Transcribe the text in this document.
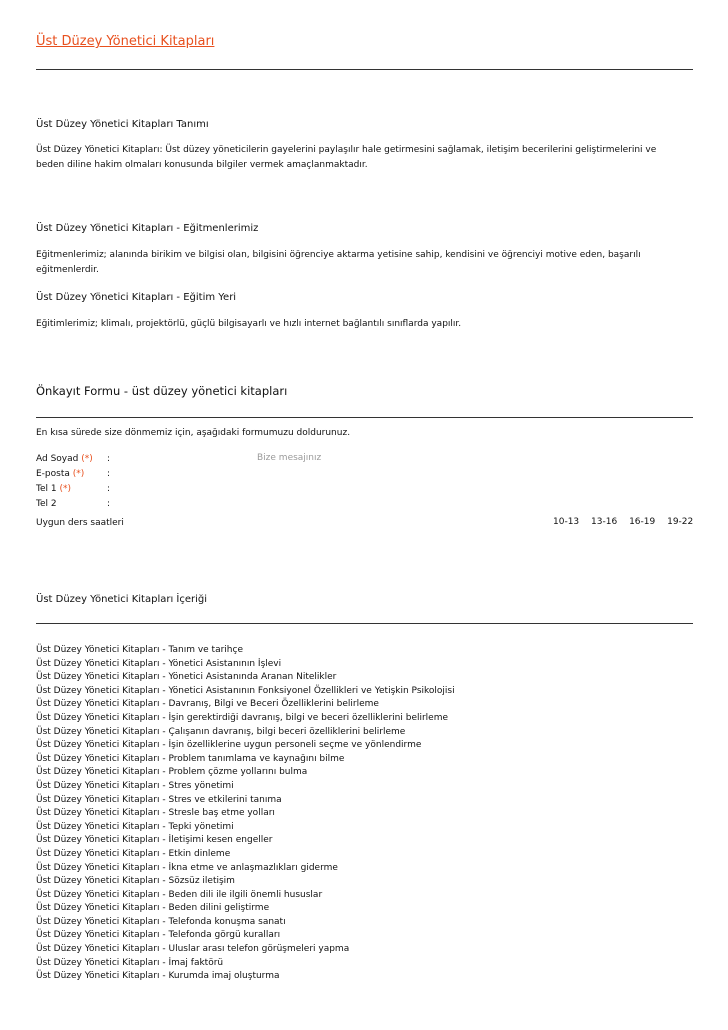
Üst Düzey Yönetici Kitapları
Üst Düzey Yönetici Kitapları Tanımı
Üst Düzey Yönetici Kitapları: Üst düzey yöneticilerin gayelerini paylaşılır hale getirmesini sağlamak, iletişim becerilerini geliştirmelerini ve beden diline hakim olmaları konusunda bilgiler vermek amaçlanmaktadır.
Üst Düzey Yönetici Kitapları - Eğitmenlerimiz
Eğitmenlerimiz; alanında birikim ve bilgisi olan, bilgisini öğrenciye aktarma yetisine sahip, kendisini ve öğrenciyi motive eden, başarılı eğitmenlerdir.
Üst Düzey Yönetici Kitapları - Eğitim Yeri
Eğitimlerimiz; klimalı, projektörlü, güçlü bilgisayarlı ve hızlı internet bağlantılı sınıflarda yapılır.
Önkayıt Formu - üst düzey yönetici kitapları
En kısa sürede size dönmemiz için, aşağıdaki formumuzu doldurunuz.
Ad Soyad (*) :
E-posta (*)	:
Tel 1 (*)	:
Tel 2	:
Bize mesajınız
Uygun ders saatleri	10-13 13-16 16-19 19-22
Üst Düzey Yönetici Kitapları İçeriği
Üst Düzey Yönetici Kitapları - Tanım ve tarihçe
Üst Düzey Yönetici Kitapları - Yönetici Asistanının İşlevi
Üst Düzey Yönetici Kitapları - Yönetici Asistanında Aranan Nitelikler
Üst Düzey Yönetici Kitapları - Yönetici Asistanının Fonksiyonel Özellikleri ve Yetişkin Psikolojisi
Üst Düzey Yönetici Kitapları - Davranış, Bilgi ve Beceri Özelliklerini belirleme
Üst Düzey Yönetici Kitapları - İşin gerektirdiği davranış, bilgi ve beceri özelliklerini belirleme
Üst Düzey Yönetici Kitapları - Çalışanın davranış, bilgi beceri özelliklerini belirleme
Üst Düzey Yönetici Kitapları - İşin özelliklerine uygun personeli seçme ve yönlendirme
Üst Düzey Yönetici Kitapları - Problem tanımlama ve kaynağını bilme
Üst Düzey Yönetici Kitapları - Problem çözme yollarını bulma
Üst Düzey Yönetici Kitapları - Stres yönetimi
Üst Düzey Yönetici Kitapları - Stres ve etkilerini tanıma
Üst Düzey Yönetici Kitapları - Stresle baş etme yolları
Üst Düzey Yönetici Kitapları - Tepki yönetimi
Üst Düzey Yönetici Kitapları - İletişimi kesen engeller
Üst Düzey Yönetici Kitapları - Etkin dinleme
Üst Düzey Yönetici Kitapları - İkna etme ve anlaşmazlıkları giderme
Üst Düzey Yönetici Kitapları - Sözsüz iletişim
Üst Düzey Yönetici Kitapları - Beden dili ile ilgili önemli hususlar
Üst Düzey Yönetici Kitapları - Beden dilini geliştirme
Üst Düzey Yönetici Kitapları - Telefonda konuşma sanatı
Üst Düzey Yönetici Kitapları - Telefonda görgü kuralları
Üst Düzey Yönetici Kitapları - Uluslar arası telefon görüşmeleri yapma
Üst Düzey Yönetici Kitapları - İmaj faktörü
Üst Düzey Yönetici Kitapları - Kurumda imaj oluşturma
